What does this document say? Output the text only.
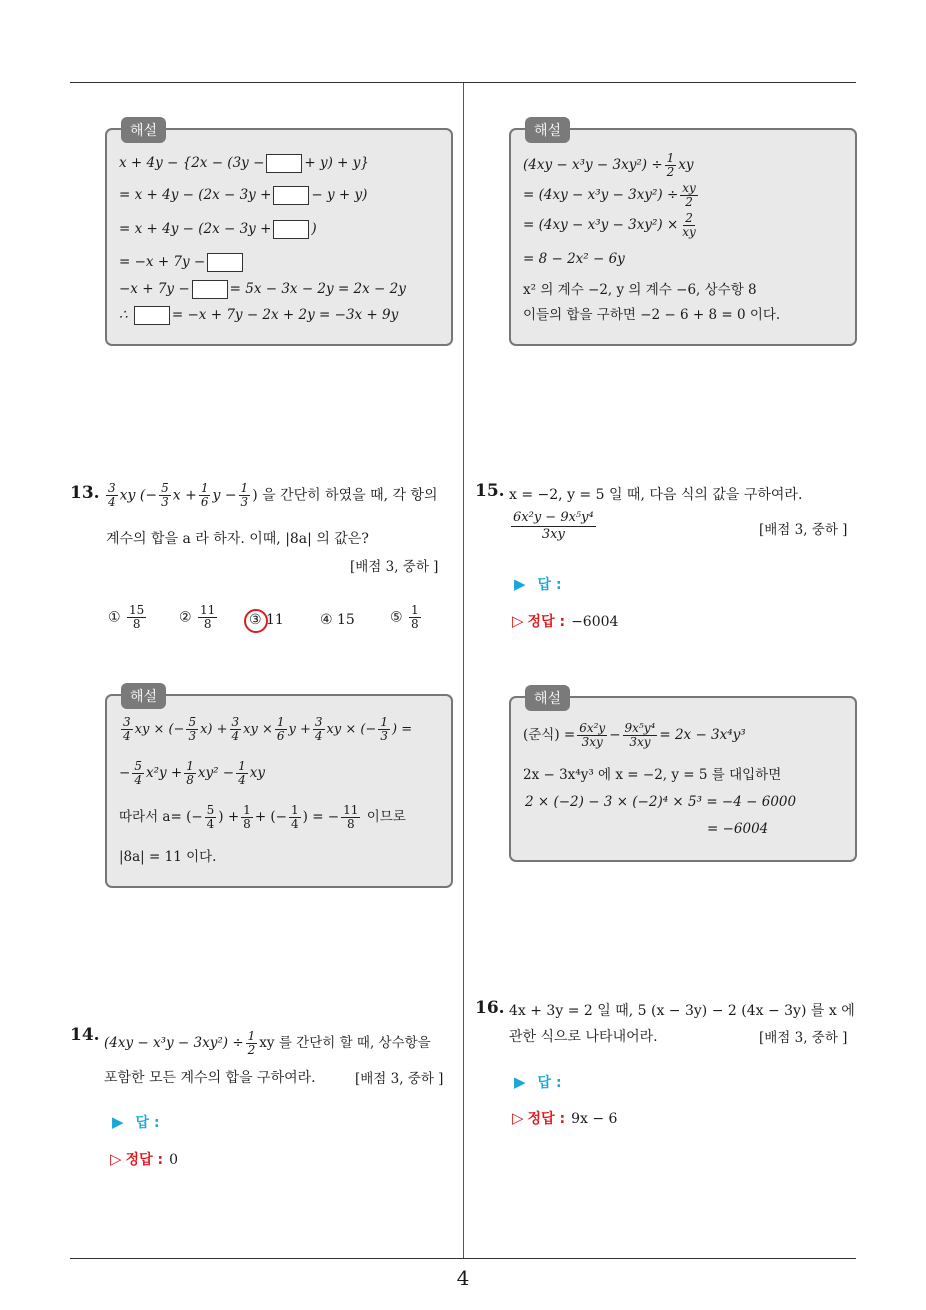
해설
x + 4y − {2x − (3y −	+ y) + y}
= x + 4y − (2x − 3y +	− y + y)
= x + 4y − (2x − 3y +	)
= −x + 7y −
−x + 7y −	= 5x − 3x − 2y = 2x − 2y
∴	= −x + 7y − 2x + 2y = −3x + 9y
해설
$(4xy - x^3y - 3xy^2) \div \frac{1}{2}$ xy
= $(4xy - x^3y - 3xy^2) \div \frac{xy}{2}$
= $(4xy - x^3y - 3xy^2) \times \frac{2}{xy}$
= 8 − 2x² − 6y
x² 의 계수 −2, y 의 계수 −6, 상수항 8
이들의 합을 구하면 −2 − 6 + 8 = 0 이다.
13. $\frac{3}{4}$ xy (− $\frac{5}{3}$ $x + \frac{1}{6}$ $y - \frac{1}{3}$ ) 을 간단히 하였을 때, 각 항의
계수의 합을 a 라 하자. 이때, |8a| 의 값은?
[배점 3, 중하 ]
① $\frac{15}{8}$ ② $\frac{11}{8}$ ③ 11	④ 15	⑤ $\frac{1}{8}$
해설
$\frac{3}{4}$ xy × (− $\frac{5}{3} x) + \frac{3}{4}$ xy × $\frac{1}{6}$ $y + \frac{3}{4}$ xy × (− $\frac{1}{3}$ ) =
− $\frac{5}{4} x^2y + \frac{1}{8} xy^2 - \frac{1}{4}$ xy
따라서 a= (− $\frac{5}{4}$ ) + $\frac{1}{8}$ + (− $\frac{1}{4}$ ) = − $\frac{11}{8}$ 이므로
|8a| = 11 이다.
14. $(4xy - x^3y - 3xy^2) \div \frac{1}{2}$ xy 를 간단히 할 때, 상수항을
포함한 모든 계수의 합을 구하여라.	[배점 3, 중하 ]
▶ 답 :
▷ 정답 : 0
15. x = −2, y = 5 일 때, 다음 식의 값을 구하여라.
$\frac{\text{6x²y − 9x⁵y⁴}}{3xy}$	[배점 3, 중하 ]
▶ 답 :
▷ 정답 : −6004
해설
(준식) = $\frac{\text{6x²y}}{3xy} - \frac{\text{9x⁵y⁴}}{3xy} = 2x - 3x^4y^3$
2x − 3x⁴y³ 에 x = −2, y = 5 를 대입하면
2 × (−2) − 3 × (−2)⁴ × 5³ = −4 − 6000
= −6004
16. 4x + 3y = 2 일 때, 5 (x − 3y) − 2 (4x − 3y) 를 x 에
관한 식으로 나타내어라.	[배점 3, 중하 ]
▶ 답 :
▷ 정답 : 9x − 6
4
